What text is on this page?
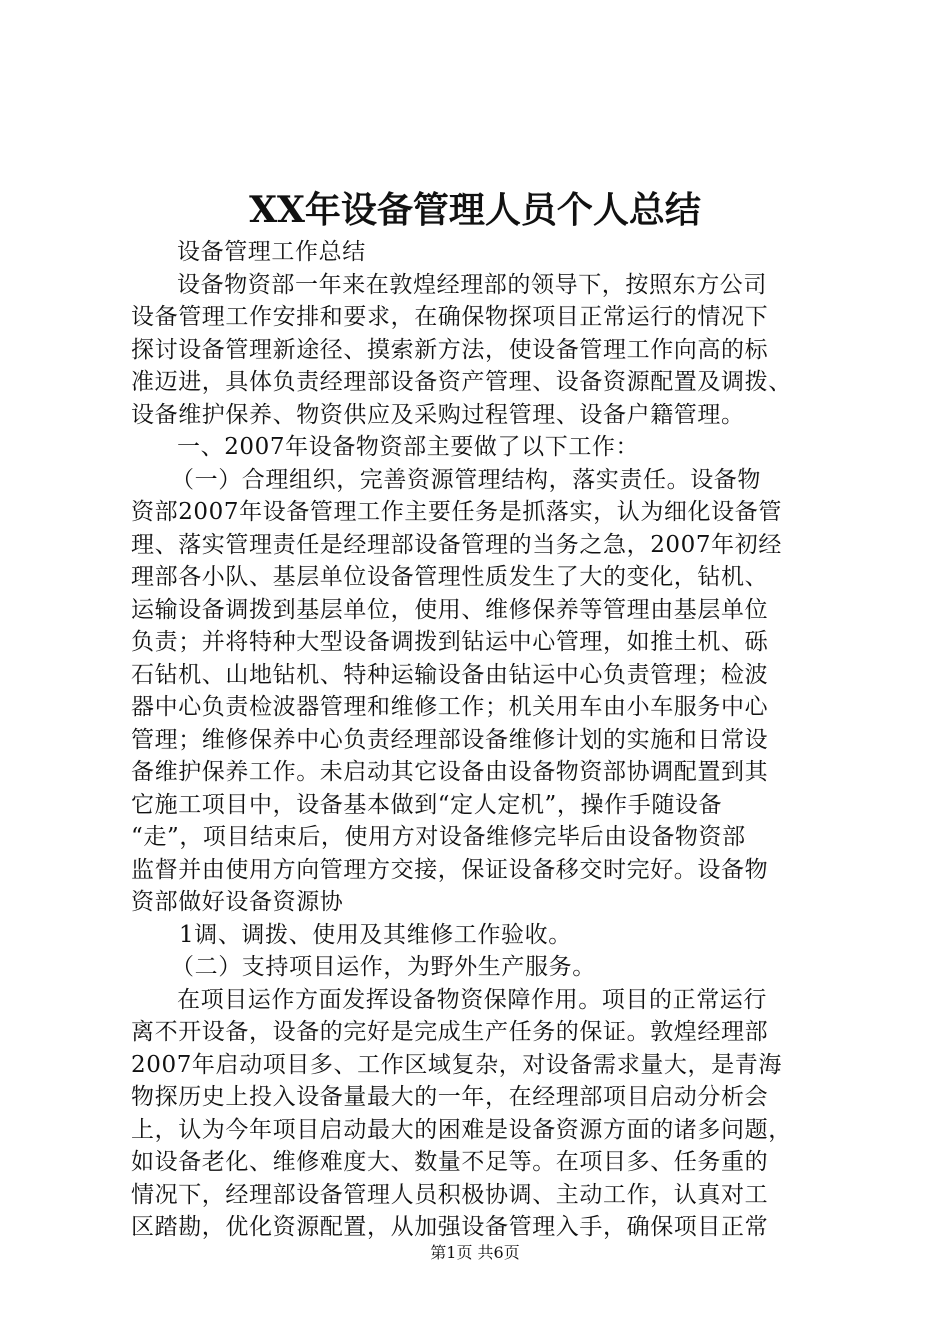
XX年设备管理人员个人总结
设备管理工作总结
设备物资部一年来在敦煌经理部的领导下，按照东方公司
设备管理工作安排和要求，在确保物探项目正常运行的情况下
探讨设备管理新途径、摸索新方法，使设备管理工作向高的标
准迈进，具体负责经理部设备资产管理、设备资源配置及调拨、
设备维护保养、物资供应及采购过程管理、设备户籍管理。
一、2007年设备物资部主要做了以下工作：
（一）合理组织，完善资源管理结构，落实责任。设备物
资部2007年设备管理工作主要任务是抓落实，认为细化设备管
理、落实管理责任是经理部设备管理的当务之急，2007年初经
理部各小队、基层单位设备管理性质发生了大的变化，钻机、
运输设备调拨到基层单位，使用、维修保养等管理由基层单位
负责；并将特种大型设备调拨到钻运中心管理，如推土机、砾
石钻机、山地钻机、特种运输设备由钻运中心负责管理；检波
器中心负责检波器管理和维修工作；机关用车由小车服务中心
管理；维修保养中心负责经理部设备维修计划的实施和日常设
备维护保养工作。未启动其它设备由设备物资部协调配置到其
它施工项目中，设备基本做到“定人定机”，操作手随设备
“走”，项目结束后，使用方对设备维修完毕后由设备物资部
监督并由使用方向管理方交接，保证设备移交时完好。设备物
资部做好设备资源协
1调、调拨、使用及其维修工作验收。
（二）支持项目运作，为野外生产服务。
在项目运作方面发挥设备物资保障作用。项目的正常运行
离不开设备，设备的完好是完成生产任务的保证。敦煌经理部
2007年启动项目多、工作区域复杂，对设备需求量大，是青海
物探历史上投入设备量最大的一年，在经理部项目启动分析会
上，认为今年项目启动最大的困难是设备资源方面的诸多问题，
如设备老化、维修难度大、数量不足等。在项目多、任务重的
情况下，经理部设备管理人员积极协调、主动工作，认真对工
区踏勘，优化资源配置，从加强设备管理入手，确保项目正常
第1页 共6页
